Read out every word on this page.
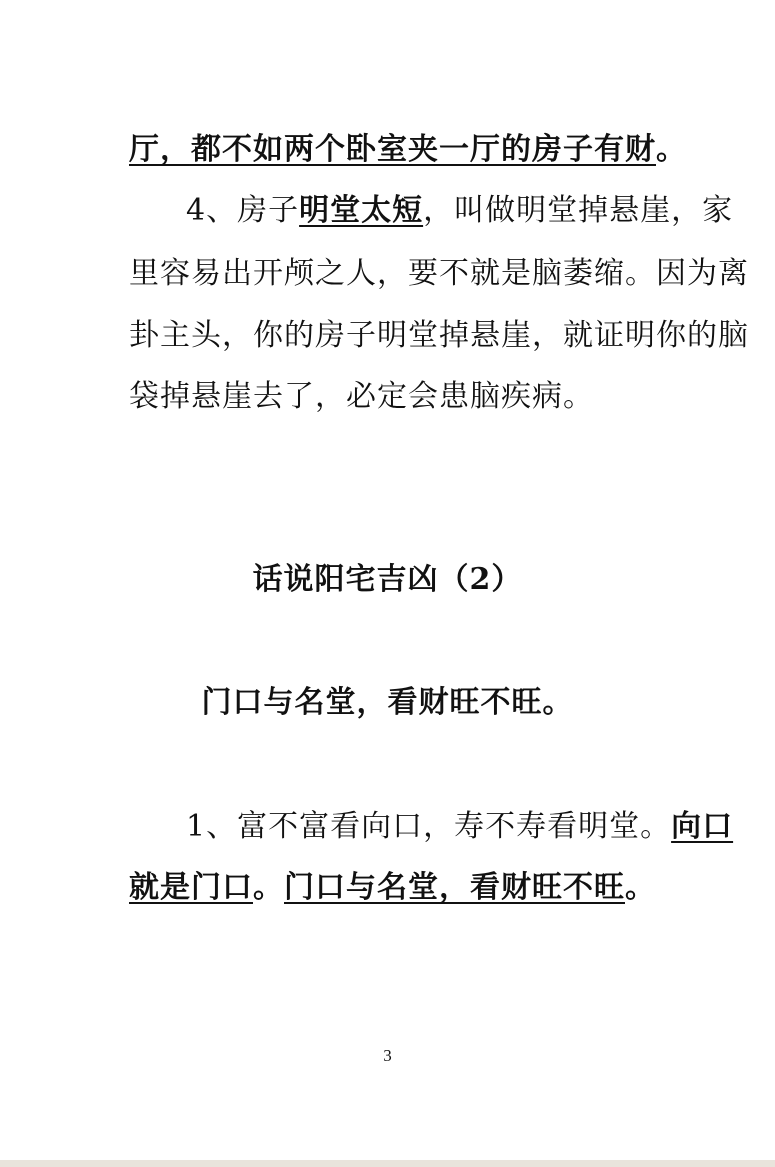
厅，都不如两个卧室夹一厅的房子有财。
4、房子明堂太短，叫做明堂掉悬崖，家
里容易出开颅之人，要不就是脑萎缩。因为离
卦主头，你的房子明堂掉悬崖，就证明你的脑
袋掉悬崖去了，必定会患脑疾病。
话说阳宅吉凶（2）
门口与名堂，看财旺不旺。
1、富不富看向口，寿不寿看明堂。向口
就是门口。门口与名堂，看财旺不旺。
3
